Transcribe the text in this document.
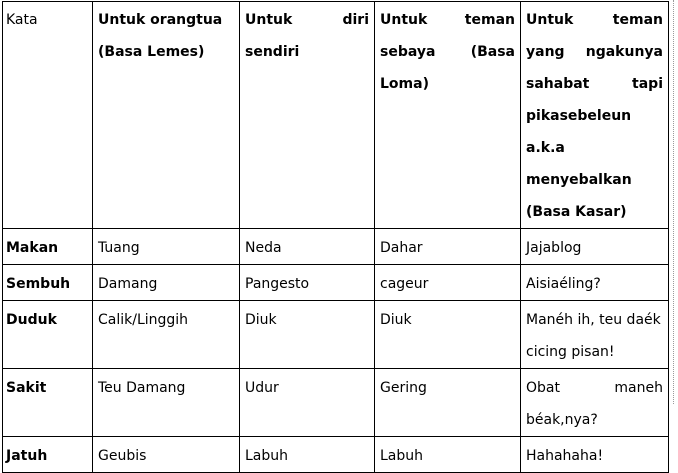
Kata	Untuk orangtua (Basa Lemes)	Untuk diri sendiri	Untuk teman sebaya (Basa Loma)	Untuk teman yang ngakunya sahabat tapi pikasebeleun a.k.a menyebalkan (Basa Kasar)
Makan	Tuang	Neda	Dahar	Jajablog
Sembuh	Damang	Pangesto	cageur	Aisiaéling?
Duduk	Calik/Linggih	Diuk	Diuk	Manéh ih, teu daék cicing pisan!
Sakit	Teu Damang	Udur	Gering	Obat maneh béak,nya?
Jatuh	Geubis	Labuh	Labuh	Hahahaha!
